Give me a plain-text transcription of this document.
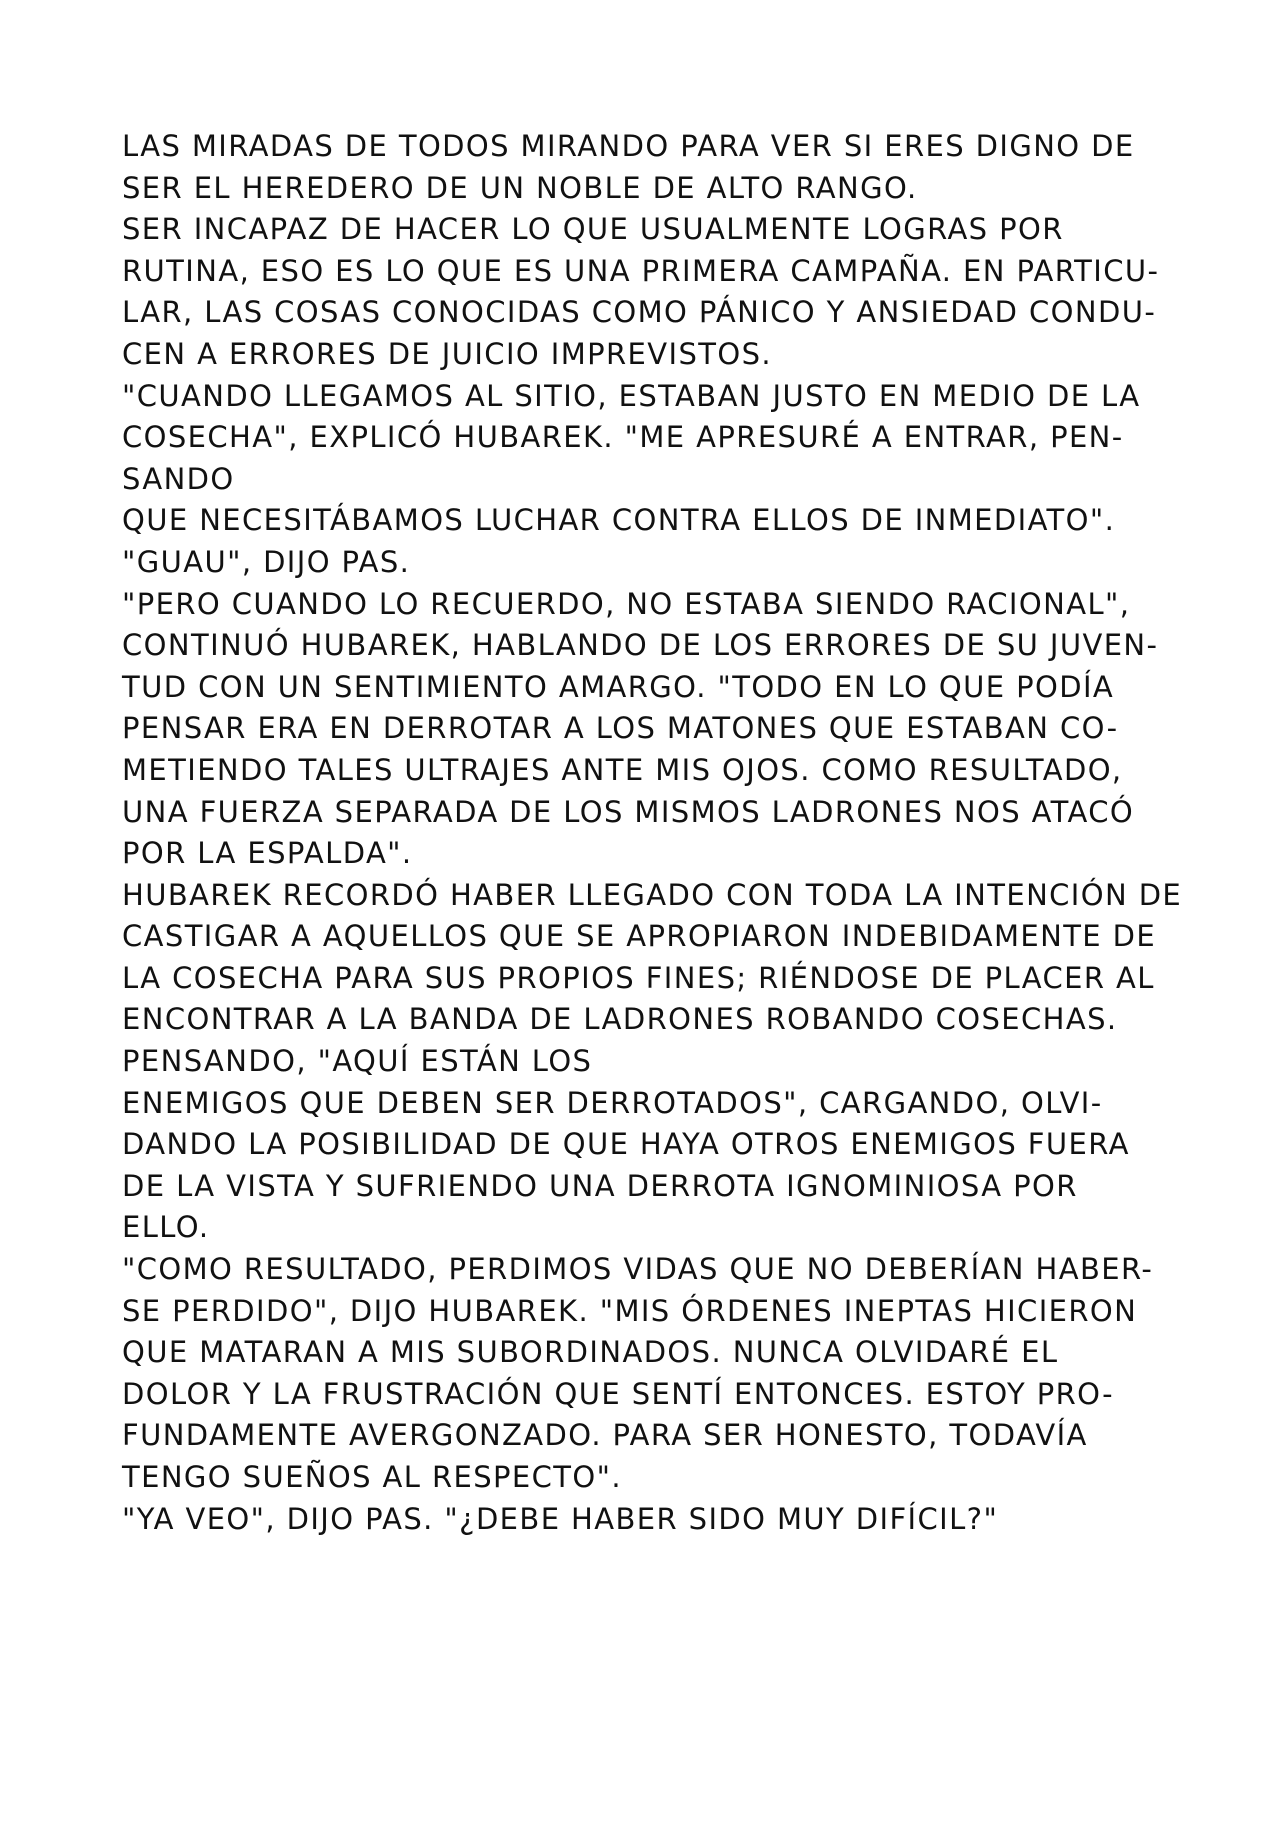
LAS MIRADAS DE TODOS MIRANDO PARA VER SI ERES DIGNO DE
SER EL HEREDERO DE UN NOBLE DE ALTO RANGO.
SER INCAPAZ DE HACER LO QUE USUALMENTE LOGRAS POR
RUTINA, ESO ES LO QUE ES UNA PRIMERA CAMPAÑA. EN PARTICU-
LAR, LAS COSAS CONOCIDAS COMO PÁNICO Y ANSIEDAD CONDU-
CEN A ERRORES DE JUICIO IMPREVISTOS.
"CUANDO LLEGAMOS AL SITIO, ESTABAN JUSTO EN MEDIO DE LA
COSECHA", EXPLICÓ HUBAREK. "ME APRESURÉ A ENTRAR, PEN-
SANDO
QUE NECESITÁBAMOS LUCHAR CONTRA ELLOS DE INMEDIATO".
"GUAU", DIJO PAS.
"PERO CUANDO LO RECUERDO, NO ESTABA SIENDO RACIONAL",
CONTINUÓ HUBAREK, HABLANDO DE LOS ERRORES DE SU JUVEN-
TUD CON UN SENTIMIENTO AMARGO. "TODO EN LO QUE PODÍA
PENSAR ERA EN DERROTAR A LOS MATONES QUE ESTABAN CO-
METIENDO TALES ULTRAJES ANTE MIS OJOS. COMO RESULTADO,
UNA FUERZA SEPARADA DE LOS MISMOS LADRONES NOS ATACÓ
POR LA ESPALDA".
HUBAREK RECORDÓ HABER LLEGADO CON TODA LA INTENCIÓN DE
CASTIGAR A AQUELLOS QUE SE APROPIARON INDEBIDAMENTE DE
LA COSECHA PARA SUS PROPIOS FINES; RIÉNDOSE DE PLACER AL
ENCONTRAR A LA BANDA DE LADRONES ROBANDO COSECHAS.
PENSANDO, "AQUÍ ESTÁN LOS
ENEMIGOS QUE DEBEN SER DERROTADOS", CARGANDO, OLVI-
DANDO LA POSIBILIDAD DE QUE HAYA OTROS ENEMIGOS FUERA
DE LA VISTA Y SUFRIENDO UNA DERROTA IGNOMINIOSA POR
ELLO.
"COMO RESULTADO, PERDIMOS VIDAS QUE NO DEBERÍAN HABER-
SE PERDIDO", DIJO HUBAREK. "MIS ÓRDENES INEPTAS HICIERON
QUE MATARAN A MIS SUBORDINADOS. NUNCA OLVIDARÉ EL
DOLOR Y LA FRUSTRACIÓN QUE SENTÍ ENTONCES. ESTOY PRO-
FUNDAMENTE AVERGONZADO. PARA SER HONESTO, TODAVÍA
TENGO SUEÑOS AL RESPECTO".
"YA VEO", DIJO PAS. "¿DEBE HABER SIDO MUY DIFÍCIL?"
